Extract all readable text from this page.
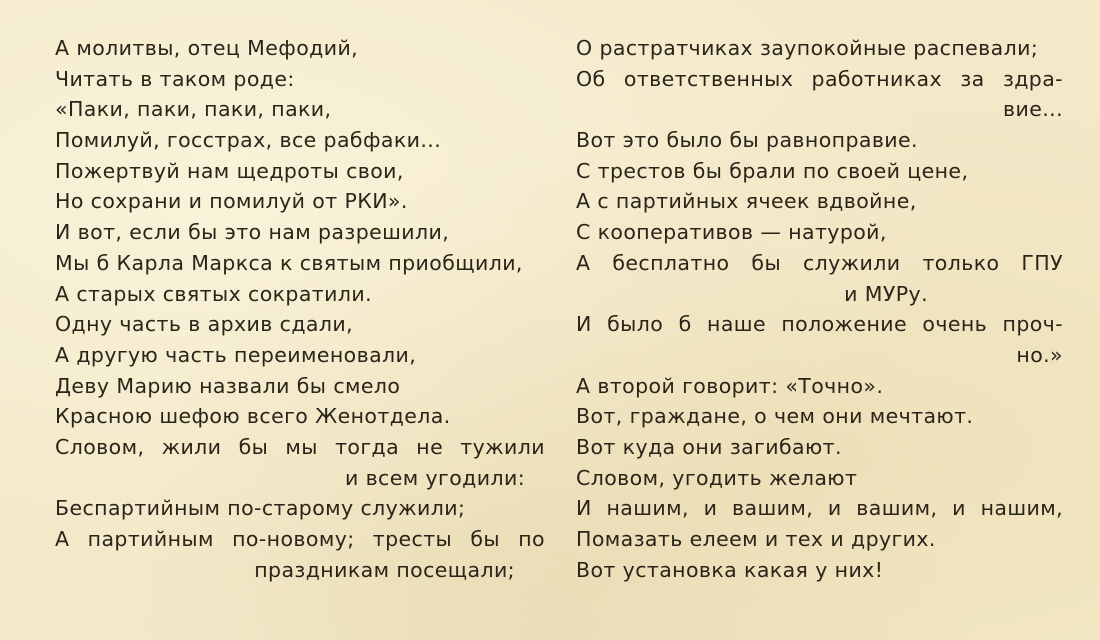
А молитвы, отец Мефодий,
Читать в таком роде:
«Паки, паки, паки, паки,
Помилуй, госстрах, все рабфаки...
Пожертвуй нам щедроты свои,
Но сохрани и помилуй от РКИ».
И вот, если бы это нам разрешили,
Мы б Карла Маркса к святым приобщили,
А старых святых сократили.
Одну часть в архив сдали,
А другую часть переименовали,
Деву Марию назвали бы смело
Красною шефою всего Женотдела.
Словом, жили бы мы тогда не тужили
и всем угодили:
Беспартийным по-старому служили;
А партийным по-новому; тресты бы по
праздникам посещали;
О растратчиках заупокойные распевали;
Об ответственных работниках за здра-
вие...
Вот это было бы равноправие.
С трестов бы брали по своей цене,
А с партийных ячеек вдвойне,
С кооперативов — натурой,
А бесплатно бы служили только ГПУ
и МУРу.
И было б наше положение очень проч-
но.»
А второй говорит: «Точно».
Вот, граждане, о чем они мечтают.
Вот куда они загибают.
Словом, угодить желают
И нашим, и вашим, и вашим, и нашим,
Помазать елеем и тех и других.
Вот установка какая у них!
